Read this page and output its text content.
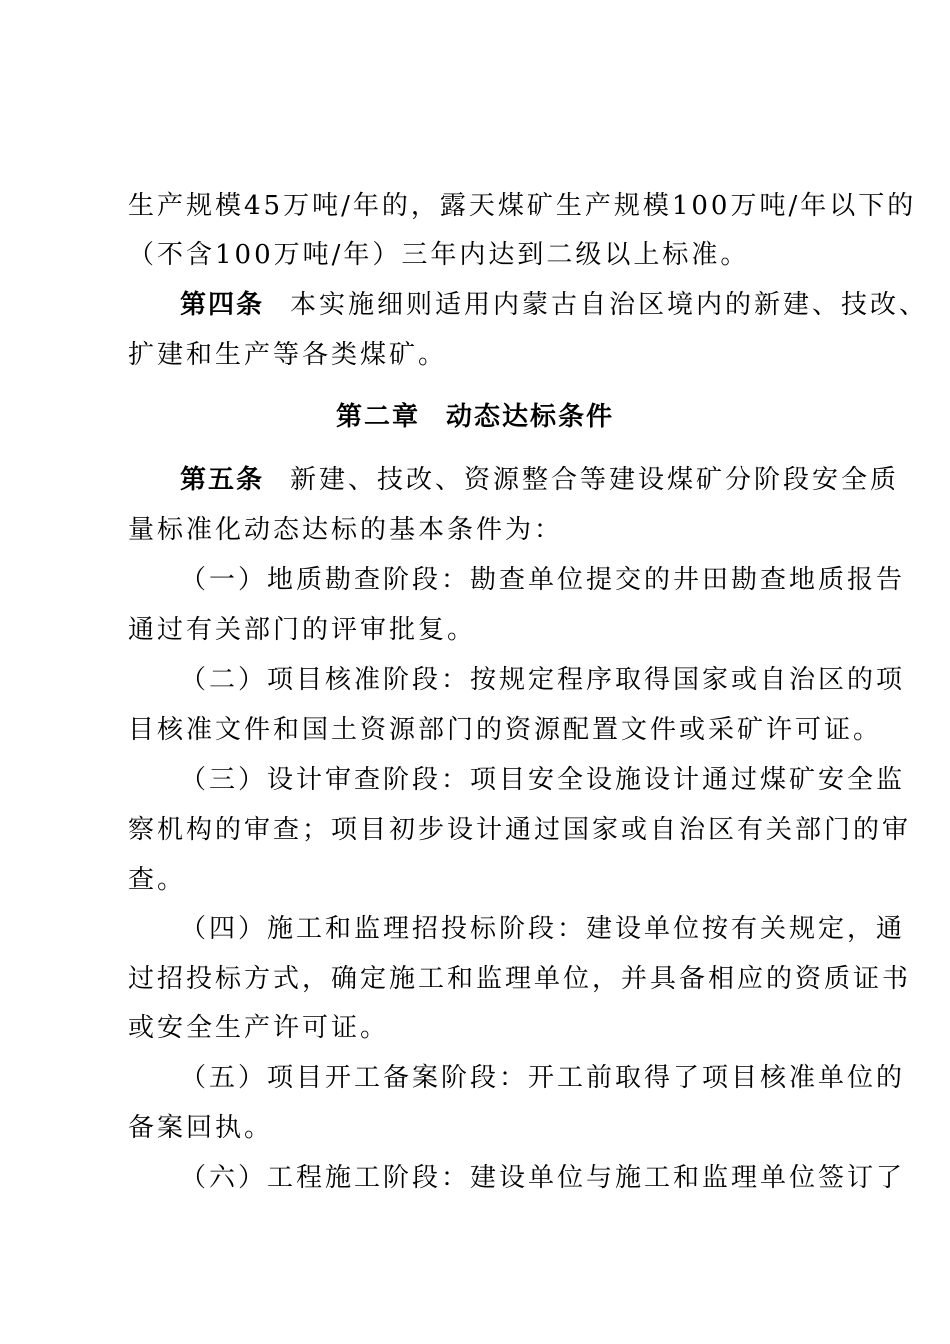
生产规模45万吨/年的，露天煤矿生产规模100万吨/年以下的
（不含100万吨/年）三年内达到二级以上标准。
第四条 本实施细则适用内蒙古自治区境内的新建、技改、
扩建和生产等各类煤矿。
第二章 动态达标条件
第五条 新建、技改、资源整合等建设煤矿分阶段安全质
量标准化动态达标的基本条件为：
（一）地质勘查阶段：勘查单位提交的井田勘查地质报告
通过有关部门的评审批复。
（二）项目核准阶段：按规定程序取得国家或自治区的项
目核准文件和国土资源部门的资源配置文件或采矿许可证。
（三）设计审查阶段：项目安全设施设计通过煤矿安全监
察机构的审查；项目初步设计通过国家或自治区有关部门的审
查。
（四）施工和监理招投标阶段：建设单位按有关规定，通
过招投标方式，确定施工和监理单位，并具备相应的资质证书
或安全生产许可证。
（五）项目开工备案阶段：开工前取得了项目核准单位的
备案回执。
（六）工程施工阶段：建设单位与施工和监理单位签订了
